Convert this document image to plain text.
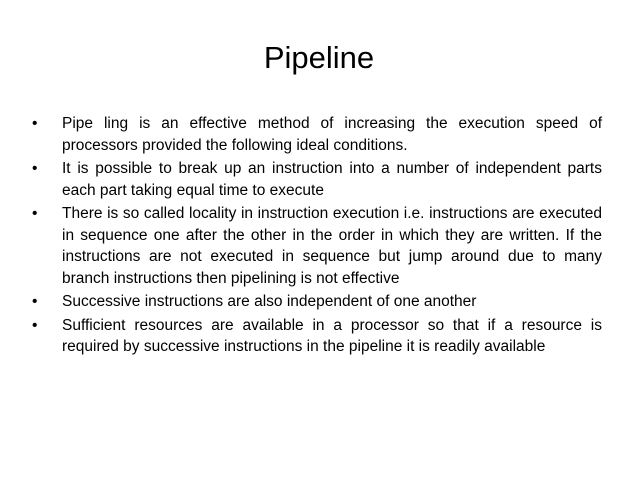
Pipeline
•	Pipe ling is an effective method of increasing the execution speed of processors provided the following ideal conditions.
•	It is possible to break up an instruction into a number of independent parts each part taking equal time to execute
•	There is so called locality in instruction execution i.e. instructions are executed in sequence one after the other in the order in which they are written. If the instructions are not executed in sequence but jump around due to many branch instructions then pipelining is not effective
•	Successive instructions are also independent of one another
•	Sufficient resources are available in a processor so that if a resource is required by successive instructions in the pipeline it is readily available
